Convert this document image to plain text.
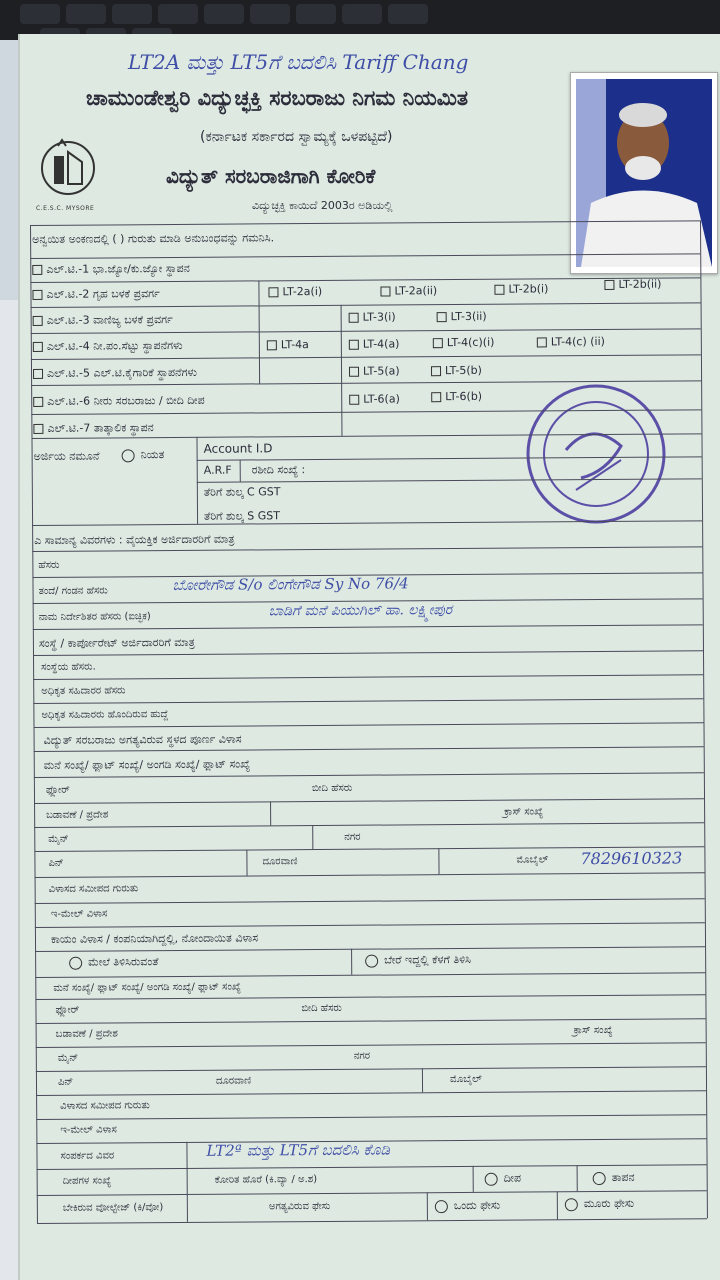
LT2A ಮತ್ತು LT5ಗೆ ಬದಲಿಸಿ Tariff Chang
C.E.S.C. MYSORE
ಚಾಮುಂಡೇಶ್ವರಿ ವಿದ್ಯುಚ್ಛಕ್ತಿ ಸರಬರಾಜು ನಿಗಮ ನಿಯಮಿತ
(ಕರ್ನಾಟಕ ಸರ್ಕಾರದ ಸ್ವಾಮ್ಯಕ್ಕೆ ಒಳಪಟ್ಟಿದೆ)
ವಿದ್ಯುತ್ ಸರಬರಾಜಿಗಾಗಿ ಕೋರಿಕೆ
ವಿದ್ಯುಚ್ಛಕ್ತಿ ಕಾಯಿದೆ 2003ರ ಅಡಿಯಲ್ಲಿ
ಅನ್ವಯಿತ ಅಂಕಣದಲ್ಲಿ ( ) ಗುರುತು ಮಾಡಿ ಅನುಬಂಧವನ್ನು ಗಮನಿಸಿ.
ಎಲ್.ಟಿ.-1 ಭಾ.ಜ್ಯೋ/ಕು.ಜ್ಯೋ ಸ್ಥಾಪನ
ಎಲ್.ಟಿ.-2 ಗೃಹ ಬಳಕೆ ಪ್ರವರ್ಗ	LT-2a(i)	LT-2a(ii)	LT-2b(i)	LT-2b(ii)
ಎಲ್.ಟಿ.-3 ವಾಣಿಜ್ಯ ಬಳಕೆ ಪ್ರವರ್ಗ	LT-3(i)	LT-3(ii)
ಎಲ್.ಟಿ.-4 ನೀ.ಪಂ.ಸೆಟ್ಟು ಸ್ಥಾಪನೆಗಳು	LT-4a	LT-4(a)	LT-4(c)(i)	LT-4(c) (ii)
ಎಲ್.ಟಿ.-5 ಎಲ್.ಟಿ.ಕೈಗಾರಿಕೆ ಸ್ಥಾಪನೆಗಳು	LT-5(a)	LT-5(b)
ಎಲ್.ಟಿ.-6 ನೀರು ಸರಬರಾಜು / ಬೀದಿ ದೀಪ	LT-6(a)	LT-6(b)
ಎಲ್.ಟಿ.-7 ತಾತ್ಕಾಲಿಕ ಸ್ಥಾಪನ
ಅರ್ಜಿಯ ನಮೂನೆ	ನಿಯತ	Account I.D
A.R.F ರಶೀದಿ ಸಂಖ್ಯೆ :
ತೆರಿಗೆ ಶುಲ್ಕ C GST
ತೆರಿಗೆ ಶುಲ್ಕ S GST
ಎ ಸಾಮಾನ್ಯ ವಿವರಗಳು : ವೈಯಕ್ತಿಕ ಅರ್ಜಿದಾರರಿಗೆ ಮಾತ್ರ
ಹೆಸರು
ತಂದೆ/ ಗಂಡನ ಹೆಸರು	ಬೋರೇಗೌಡ S/o ಲಿಂಗೇಗೌಡ Sy No 76/4
ನಾಮ ನಿರ್ದೇಶಿತರ ಹೆಸರು (ಐಚ್ಛಿಕ)	ಬಾಡಿಗೆ ಮನೆ ಪಿಯುಗಿಲ್ ಹಾ. ಲಕ್ಷ್ಮೀಪುರ
ಸಂಸ್ಥೆ / ಕಾರ್ಪೋರೇಟ್ ಅರ್ಜಿದಾರರಿಗೆ ಮಾತ್ರ
ಸಂಸ್ಥೆಯ ಹೆಸರು.
ಅಧಿಕೃತ ಸಹಿದಾರರ ಹೆಸರು
ಅಧಿಕೃತ ಸಹಿದಾರರು ಹೊಂದಿರುವ ಹುದ್ದೆ
ವಿದ್ಯುತ್ ಸರಬರಾಜು ಅಗತ್ಯವಿರುವ ಸ್ಥಳದ ಪೂರ್ಣ ವಿಳಾಸ
ಮನೆ ಸಂಖ್ಯೆ/ ಫ್ಲಾಟ್ ಸಂಖ್ಯೆ/ ಅಂಗಡಿ ಸಂಖ್ಯೆ/ ಫ್ಲಾಟ್ ಸಂಖ್ಯೆ
ಫ್ಲೋರ್	ಬೀದಿ ಹೆಸರು
ಬಡಾವಣೆ / ಪ್ರದೇಶ	ಕ್ರಾಸ್ ಸಂಖ್ಯೆ
ಮೈನ್	ನಗರ
ಪಿನ್	ದೂರವಾಣಿ	ಮೊಬೈಲ್ 7829610323
ವಿಳಾಸದ ಸಮೀಪದ ಗುರುತು
ಇ-ಮೇಲ್ ವಿಳಾಸ
ಕಾಯಂ ವಿಳಾಸ / ಕಂಪನಿಯಾಗಿದ್ದಲ್ಲಿ, ನೋಂದಾಯಿತ ವಿಳಾಸ
ಮೇಲೆ ತಿಳಿಸಿರುವಂತೆ	ಬೇರೆ ಇದ್ದಲ್ಲಿ ಕೆಳಗೆ ತಿಳಿಸಿ
ಮನೆ ಸಂಖ್ಯೆ/ ಫ್ಲಾಟ್ ಸಂಖ್ಯೆ/ ಅಂಗಡಿ ಸಂಖ್ಯೆ/ ಫ್ಲಾಟ್ ಸಂಖ್ಯೆ
ಫ್ಲೋರ್	ಬೀದಿ ಹೆಸರು
ಬಡಾವಣೆ / ಪ್ರದೇಶ	ಕ್ರಾಸ್ ಸಂಖ್ಯೆ
ಮೈನ್	ನಗರ
ಪಿನ್	ದೂರವಾಣಿ	ಮೊಬೈಲ್
ವಿಳಾಸದ ಸಮೀಪದ ಗುರುತು
ಇ-ಮೇಲ್ ವಿಳಾಸ
ಸಂಪರ್ಕದ ವಿವರ	LT2ª ಮತ್ತು LT5ಗೆ ಬದಲಿಸಿ ಕೊಡಿ
ದೀಪಗಳ ಸಂಖ್ಯೆ	ಕೋರಿತ ಹೊರೆ (ಕಿ.ವ್ಯಾ / ಅ.ಶ)	ದೀಪ	ತಾಪನ
ಬೇಕಿರುವ ವೋಲ್ಟೇಜ್ (ಕಿ/ವೋ)	ಅಗತ್ಯವಿರುವ ಫೇಸು	ಒಂದು ಫೇಸು	ಮೂರು ಫೇಸು
